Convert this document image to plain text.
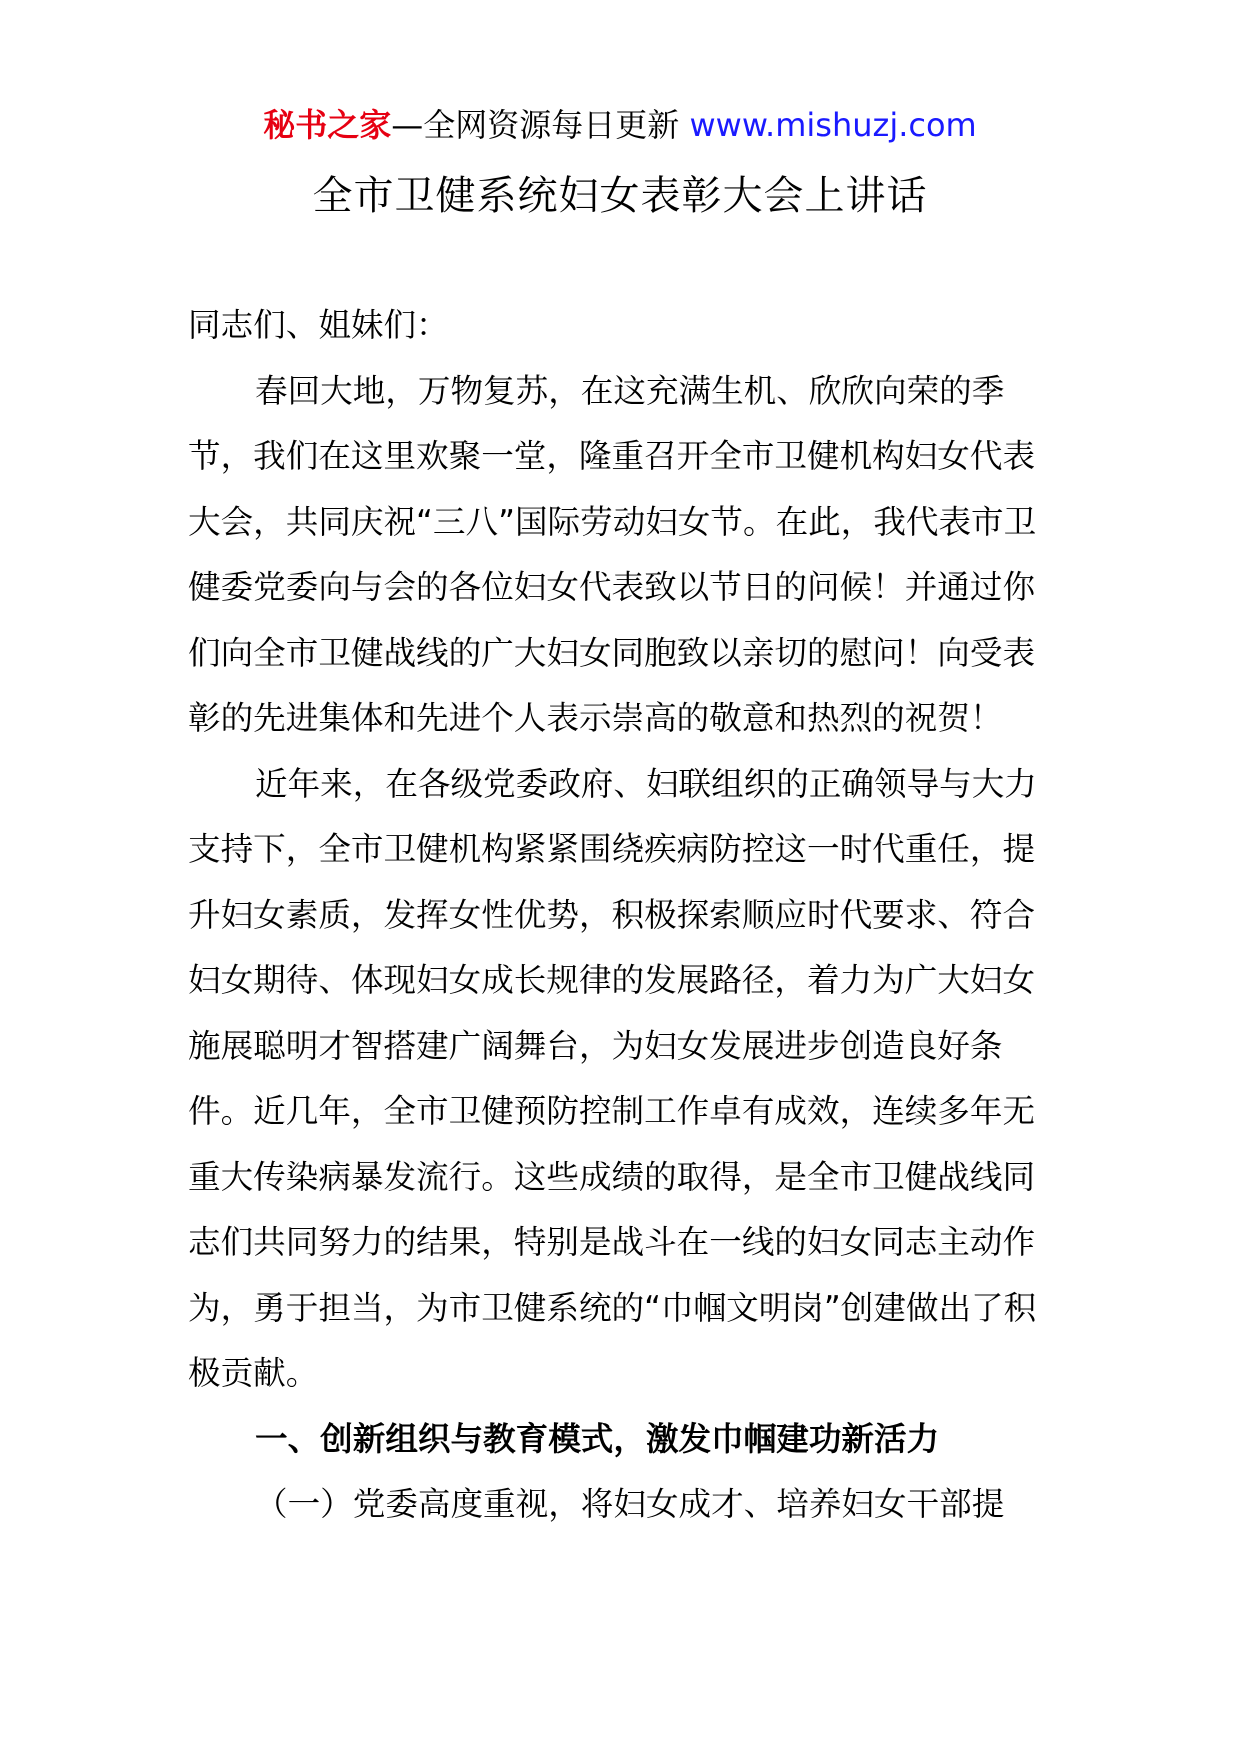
秘书之家—全网资源每日更新 www.mishuzj.com
全市卫健系统妇女表彰大会上讲话

同志们、姐妹们：

春回大地，万物复苏，在这充满生机、欣欣向荣的季节，我们在这里欢聚一堂，隆重召开全市卫健机构妇女代表大会，共同庆祝“三八”国际劳动妇女节。在此，我代表市卫健委党委向与会的各位妇女代表致以节日的问候！并通过你们向全市卫健战线的广大妇女同胞致以亲切的慰问！向受表彰的先进集体和先进个人表示崇高的敬意和热烈的祝贺！

近年来，在各级党委政府、妇联组织的正确领导与大力支持下，全市卫健机构紧紧围绕疾病防控这一时代重任，提升妇女素质，发挥女性优势，积极探索顺应时代要求、符合妇女期待、体现妇女成长规律的发展路径，着力为广大妇女施展聪明才智搭建广阔舞台，为妇女发展进步创造良好条件。近几年，全市卫健预防控制工作卓有成效，连续多年无重大传染病暴发流行。这些成绩的取得，是全市卫健战线同志们共同努力的结果，特别是战斗在一线的妇女同志主动作为，勇于担当，为市卫健系统的“巾帼文明岗”创建做出了积极贡献。

一、创新组织与教育模式，激发巾帼建功新活力

（一）党委高度重视，将妇女成才、培养妇女干部提
